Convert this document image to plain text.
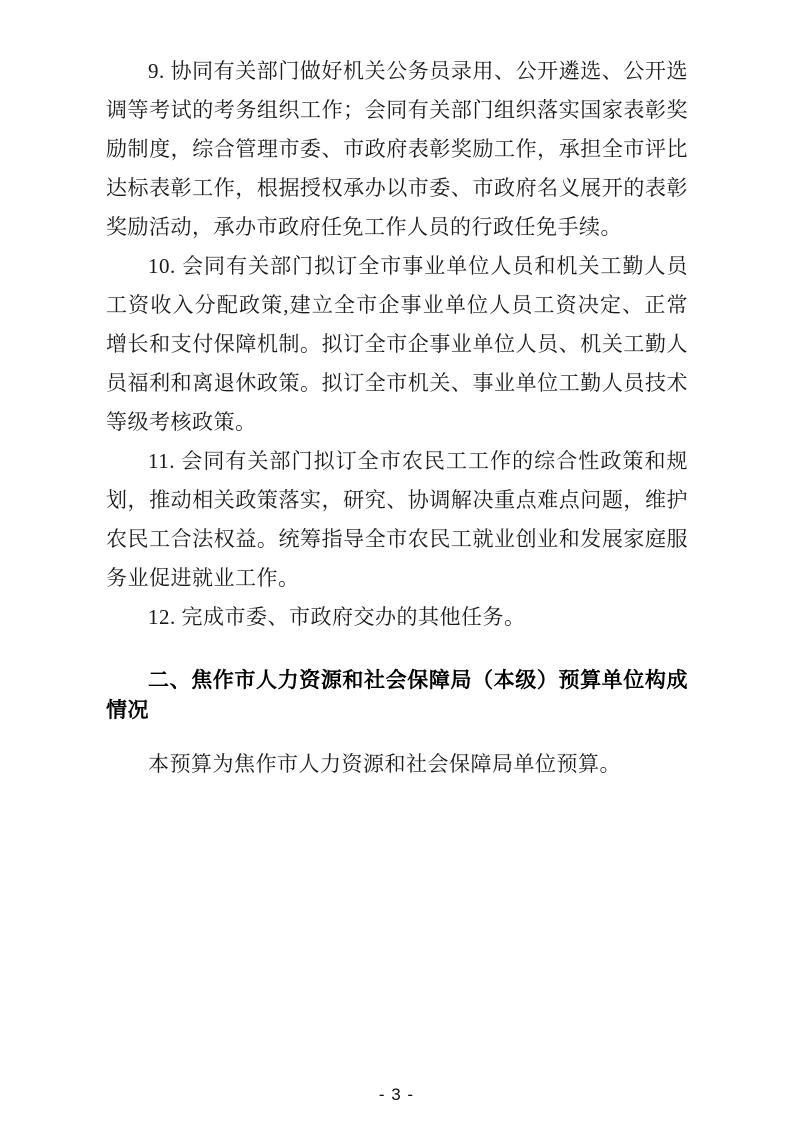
9. 协同有关部门做好机关公务员录用、公开遴选、公开选调等考试的考务组织工作；会同有关部门组织落实国家表彰奖励制度，综合管理市委、市政府表彰奖励工作，承担全市评比达标表彰工作，根据授权承办以市委、市政府名义展开的表彰奖励活动，承办市政府任免工作人员的行政任免手续。

10. 会同有关部门拟订全市事业单位人员和机关工勤人员工资收入分配政策,建立全市企事业单位人员工资决定、正常增长和支付保障机制。拟订全市企事业单位人员、机关工勤人员福利和离退休政策。拟订全市机关、事业单位工勤人员技术等级考核政策。

11. 会同有关部门拟订全市农民工工作的综合性政策和规划，推动相关政策落实，研究、协调解决重点难点问题，维护农民工合法权益。统筹指导全市农民工就业创业和发展家庭服务业促进就业工作。

12. 完成市委、市政府交办的其他任务。

二、焦作市人力资源和社会保障局（本级）预算单位构成情况

本预算为焦作市人力资源和社会保障局单位预算。

- 3 -
